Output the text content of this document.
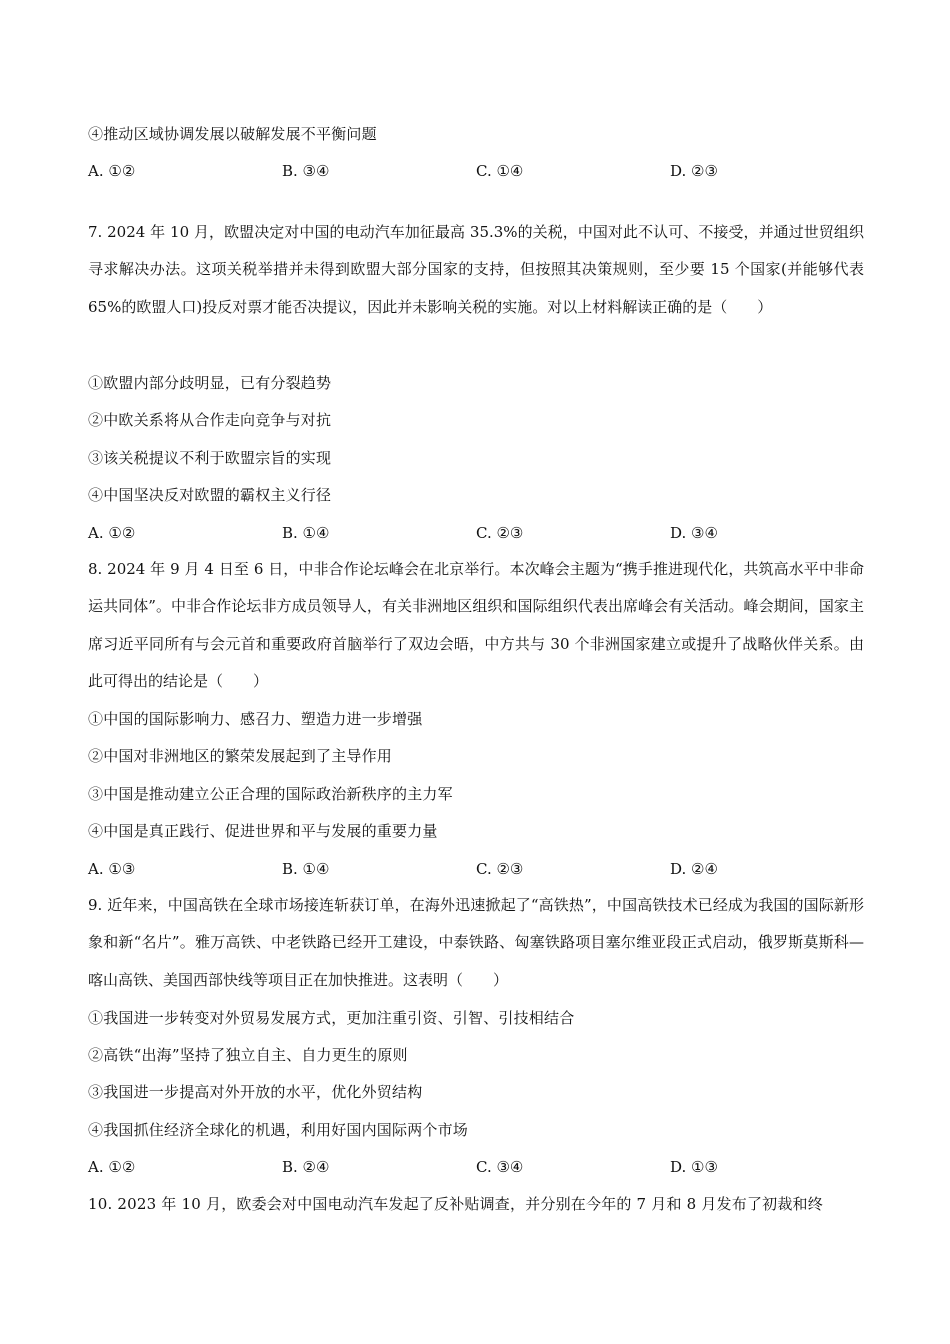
④推动区域协调发展以破解发展不平衡问题
A. ①②	B. ③④	C. ①④	D. ②③
7. 2024 年 10 月，欧盟决定对中国的电动汽车加征最高 35.3%的关税，中国对此不认可、不接受，并通过世贸组织寻求解决办法。这项关税举措并未得到欧盟大部分国家的支持，但按照其决策规则，至少要 15 个国家(并能够代表 65%的欧盟人口)投反对票才能否决提议，因此并未影响关税的实施。对以上材料解读正确的是（　　）
①欧盟内部分歧明显，已有分裂趋势
②中欧关系将从合作走向竞争与对抗
③该关税提议不利于欧盟宗旨的实现
④中国坚决反对欧盟的霸权主义行径
A. ①②	B. ①④	C. ②③	D. ③④
8. 2024 年 9 月 4 日至 6 日，中非合作论坛峰会在北京举行。本次峰会主题为“携手推进现代化，共筑高水平中非命运共同体”。中非合作论坛非方成员领导人，有关非洲地区组织和国际组织代表出席峰会有关活动。峰会期间，国家主席习近平同所有与会元首和重要政府首脑举行了双边会晤，中方共与 30 个非洲国家建立或提升了战略伙伴关系。由此可得出的结论是（　　）
①中国的国际影响力、感召力、塑造力进一步增强
②中国对非洲地区的繁荣发展起到了主导作用
③中国是推动建立公正合理的国际政治新秩序的主力军
④中国是真正践行、促进世界和平与发展的重要力量
A. ①③	B. ①④	C. ②③	D. ②④
9. 近年来，中国高铁在全球市场接连斩获订单，在海外迅速掀起了“高铁热”，中国高铁技术已经成为我国的国际新形象和新“名片”。雅万高铁、中老铁路已经开工建设，中泰铁路、匈塞铁路项目塞尔维亚段正式启动，俄罗斯莫斯科—喀山高铁、美国西部快线等项目正在加快推进。这表明（　　）
①我国进一步转变对外贸易发展方式，更加注重引资、引智、引技相结合
②高铁“出海”坚持了独立自主、自力更生的原则
③我国进一步提高对外开放的水平，优化外贸结构
④我国抓住经济全球化的机遇，利用好国内国际两个市场
A. ①②	B. ②④	C. ③④	D. ①③
10. 2023 年 10 月，欧委会对中国电动汽车发起了反补贴调查，并分别在今年的 7 月和 8 月发布了初裁和终
